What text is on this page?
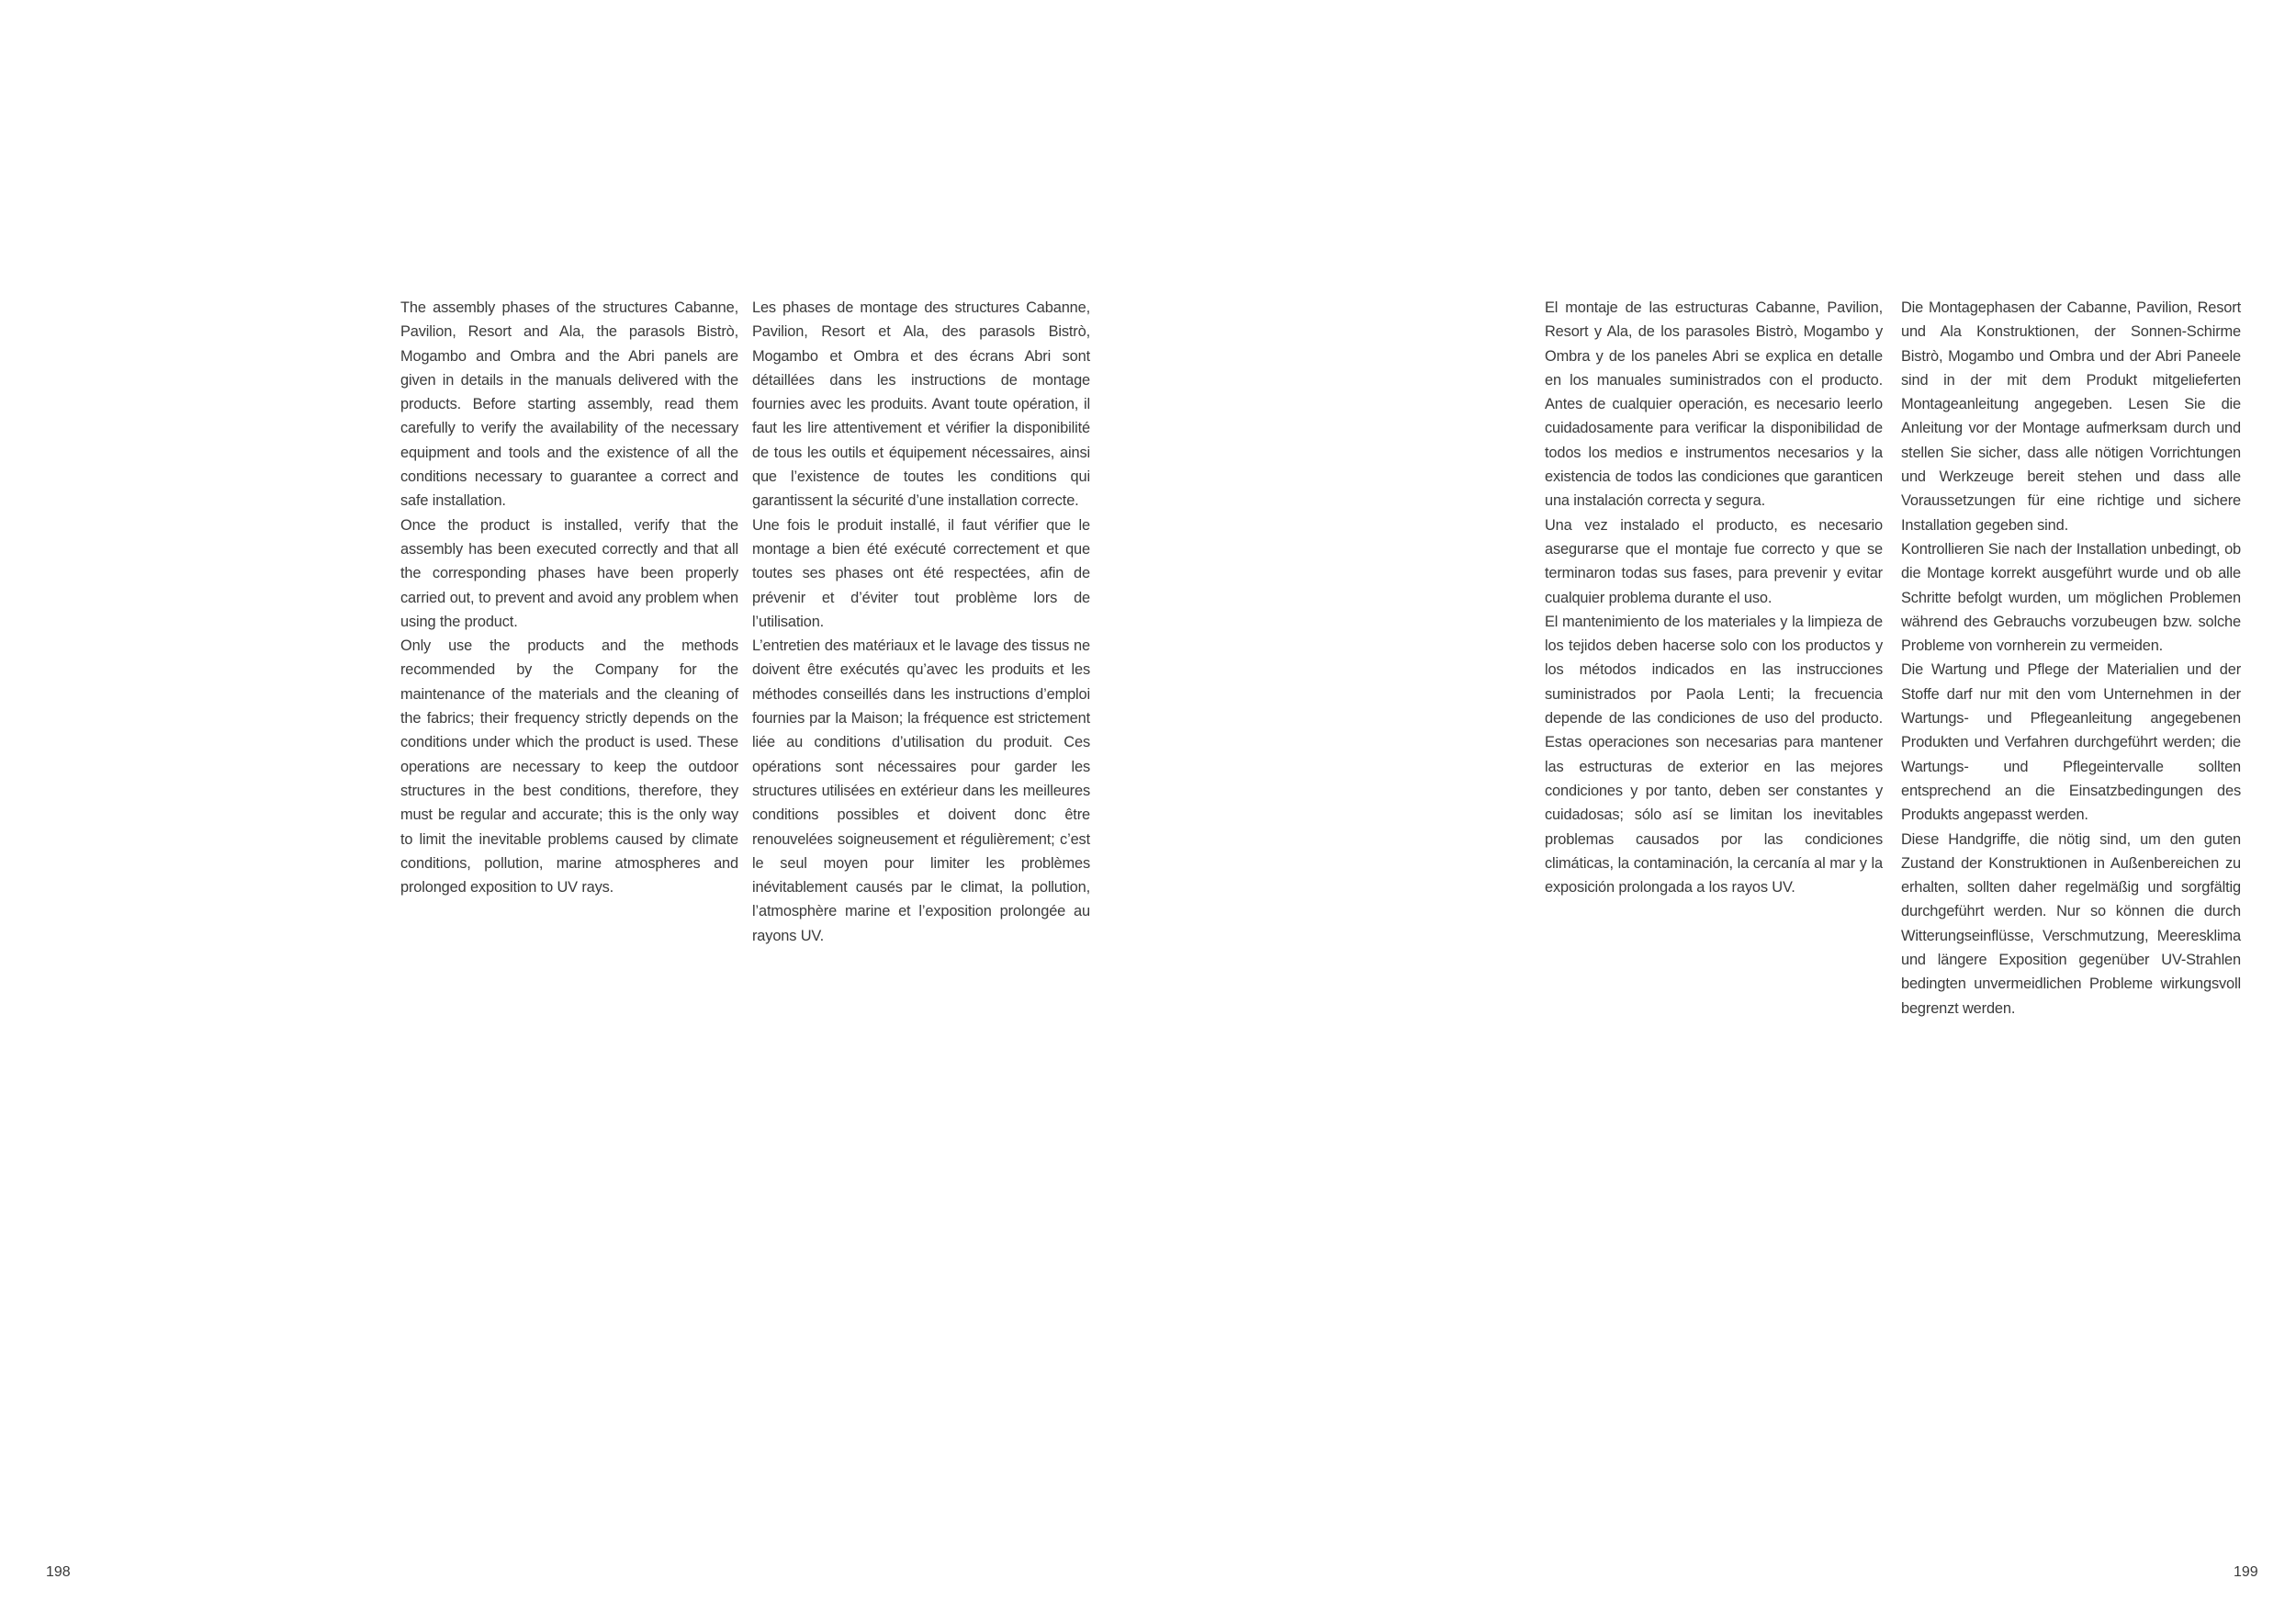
The assembly phases of the structures Cabanne, Pavilion, Resort and Ala, the parasols Bistrò, Mogambo and Ombra and the Abri panels are given in details in the manuals delivered with the products. Before starting assembly, read them carefully to verify the availability of the necessary equipment and tools and the existence of all the conditions necessary to guarantee a correct and safe installation.

Once the product is installed, verify that the assembly has been executed correctly and that all the corresponding phases have been properly carried out, to prevent and avoid any problem when using the product.

Only use the products and the methods recommended by the Company for the maintenance of the materials and the cleaning of the fabrics; their frequency strictly depends on the conditions under which the product is used. These operations are necessary to keep the outdoor structures in the best conditions, therefore, they must be regular and accurate; this is the only way to limit the inevitable problems caused by climate conditions, pollution, marine atmospheres and prolonged exposition to UV rays.

Les phases de montage des structures Cabanne, Pavilion, Resort et Ala, des parasols Bistrò, Mogambo et Ombra et des écrans Abri sont détaillées dans les instructions de montage fournies avec les produits. Avant toute opération, il faut les lire attentivement et vérifier la disponibilité de tous les outils et équipement nécessaires, ainsi que l’existence de toutes les conditions qui garantissent la sécurité d’une installation correcte.

Une fois le produit installé, il faut vérifier que le montage a bien été exécuté correctement et que toutes ses phases ont été respectées, afin de prévenir et d’éviter tout problème lors de l’utilisation.

L’entretien des matériaux et le lavage des tissus ne doivent être exécutés qu’avec les produits et les méthodes conseillés dans les instructions d’emploi fournies par la Maison; la fréquence est strictement liée au conditions d’utilisation du produit. Ces opérations sont nécessaires pour garder les structures utilisées en extérieur dans les meilleures conditions possibles et doivent donc être renouvelées soigneusement et régulièrement; c’est le seul moyen pour limiter les problèmes inévitablement causés par le climat, la pollution, l’atmosphère marine et l’exposition prolongée au rayons UV.

El montaje de las estructuras Cabanne, Pavilion, Resort y Ala, de los parasoles Bistrò, Mogambo y Ombra y de los paneles Abri se explica en detalle en los manuales suministrados con el producto. Antes de cualquier operación, es necesario leerlo cuidadosamente para verificar la disponibilidad de todos los medios e instrumentos necesarios y la existencia de todos las condiciones que garanticen una instalación correcta y segura.

Una vez instalado el producto, es necesario asegurarse que el montaje fue correcto y que se terminaron todas sus fases, para prevenir y evitar cualquier problema durante el uso.

El mantenimiento de los materiales y la limpieza de los tejidos deben hacerse solo con los productos y los métodos indicados en las instrucciones suministrados por Paola Lenti; la frecuencia depende de las condiciones de uso del producto. Estas operaciones son necesarias para mantener las estructuras de exterior en las mejores condiciones y por tanto, deben ser constantes y cuidadosas; sólo así se limitan los inevitables problemas causados por las condiciones climáticas, la contaminación, la cercanía al mar y la exposición prolongada a los rayos UV.

Die Montagephasen der Cabanne, Pavilion, Resort und Ala Konstruktionen, der Sonnen-Schirme Bistrò, Mogambo und Ombra und der Abri Paneele sind in der mit dem Produkt mitgelieferten Montageanleitung angegeben. Lesen Sie die Anleitung vor der Montage aufmerksam durch und stellen Sie sicher, dass alle nötigen Vorrichtungen und Werkzeuge bereit stehen und dass alle Voraussetzungen für eine richtige und sichere Installation gegeben sind.

Kontrollieren Sie nach der Installation unbedingt, ob die Montage korrekt ausgeführt wurde und ob alle Schritte befolgt wurden, um möglichen Problemen während des Gebrauchs vorzubeugen bzw. solche Probleme von vornherein zu vermeiden.

Die Wartung und Pflege der Materialien und der Stoffe darf nur mit den vom Unternehmen in der Wartungs- und Pflegeanleitung angegebenen Produkten und Verfahren durchgeführt werden; die Wartungs- und Pflegeintervalle sollten entsprechend an die Einsatzbedingungen des Produkts angepasst werden.

Diese Handgriffe, die nötig sind, um den guten Zustand der Konstruktionen in Außenbereichen zu erhalten, sollten daher regelmäßig und sorgfältig durchgeführt werden. Nur so können die durch Witterungseinflüsse, Verschmutzung, Meeresklima und längere Exposition gegenüber UV-Strahlen bedingten unvermeidlichen Probleme wirkungsvoll begrenzt werden.

198	199
